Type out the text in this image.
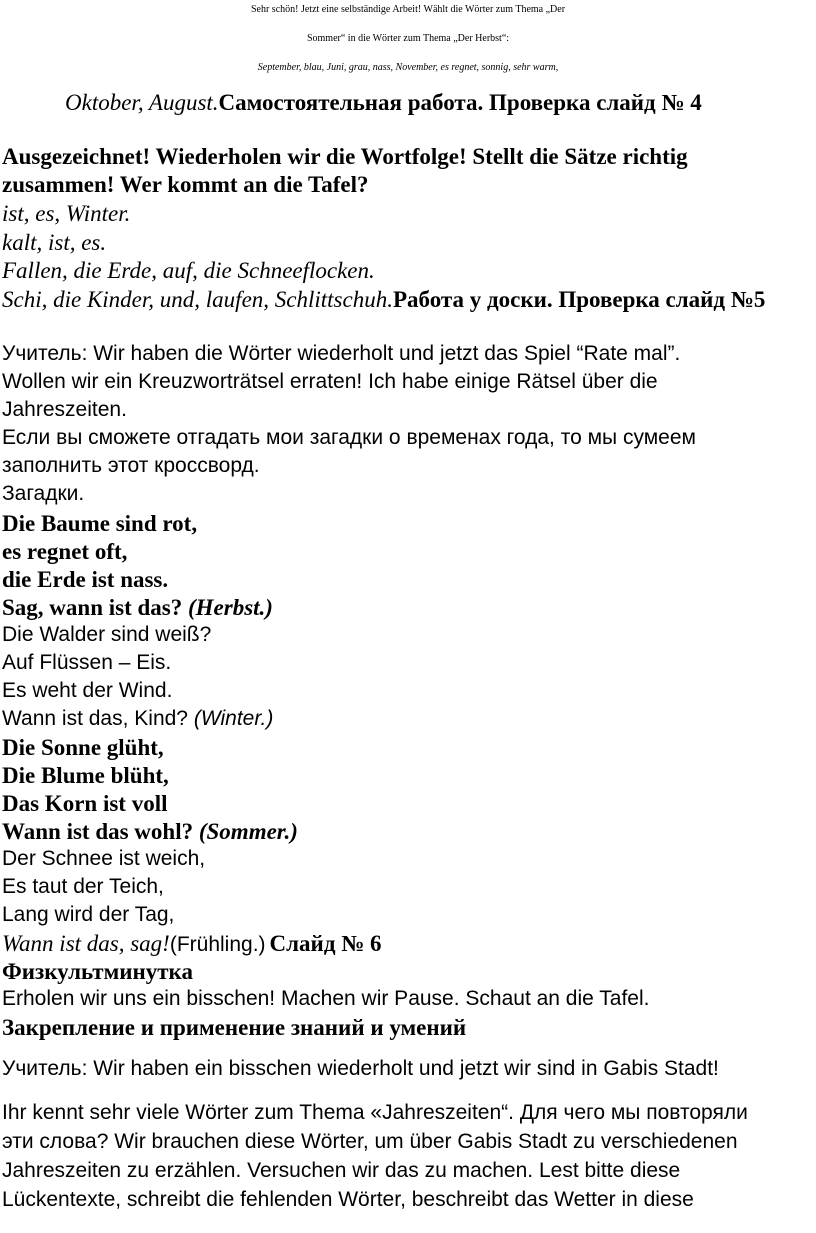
Sehr schön! Jetzt eine selbständige Arbeit! Wählt die Wörter zum Thema „Der
Sommer“ in die Wörter zum Thema „Der Herbst“:
September, blau, Juni, grau, nass, November, es regnet, sonnig, sehr warm,
Oktober, August.Самостоятельная работа. Проверка слайд № 4
Ausgezeichnet! Wiederholen wir die Wortfolge! Stellt die Sätze richtig
zusammen! Wer kommt an die Tafel?
ist, es, Winter.
kalt, ist, es.
Fallen, die Erde, auf, die Schneeflocken.
Schi, die Kinder, und, laufen, Schlittschuh.Работа у доски. Проверка слайд №5
Учитель: Wir haben die Wörter wiederholt und jetzt das Spiel “Rate mal”.
Wollen wir ein Kreuzworträtsel erraten! Ich habe einige Rätsel über die
Jahreszeiten.
Если вы сможете отгадать мои загадки о временах года, то мы сумеем
заполнить этот кроссворд.
Загадки.
Die Baume sind rot,
es regnet oft,
die Erde ist nass.
Sag, wann ist das? (Herbst.)
Die Walder sind weiß?
Auf Flüssen – Eis.
Es weht der Wind.
Wann ist das, Kind? (Winter.)
Die Sonne glüht,
Die Blume blüht,
Das Korn ist voll
Wann ist das wohl? (Sommer.)
Der Schnee ist weich,
Es taut der Teich,
Lang wird der Tag,
Wann ist das, sag!(Frühling.) Слайд № 6
Физкультминутка
Erholen wir uns ein bisschen! Machen wir Pause. Schaut an die Tafel.
Закрепление и применение знаний и умений
Учитель: Wir haben ein bisschen wiederholt und jetzt wir sind in Gabis Stadt!
Ihr kennt sehr viele Wörter zum Thema «Jahreszeiten“. Для чего мы повторяли
эти слова? Wir brauchen diese Wörter, um über Gabis Stadt zu verschiedenen
Jahreszeiten zu erzählen. Versuchen wir das zu machen. Lest bitte diese
Lückentexte, schreibt die fehlenden Wörter, beschreibt das Wetter in diese
